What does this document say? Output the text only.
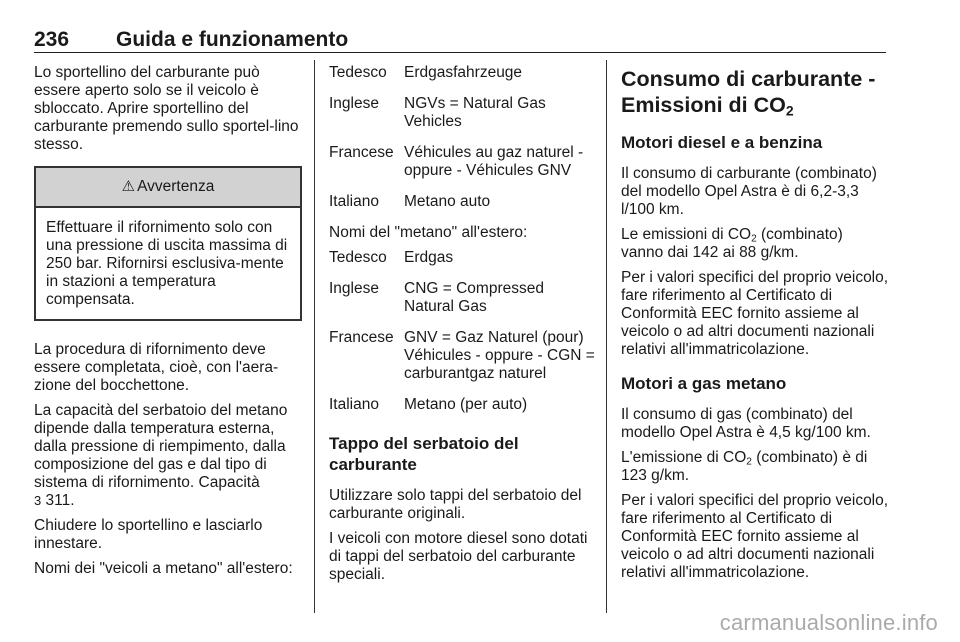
236 Guida e funzionamento

Lo sportellino del carburante può essere aperto solo se il veicolo è sbloccato. Aprire sportellino del carburante premendo sullo sportel-lino stesso.

⚠ Avvertenza
Effettuare il rifornimento solo con una pressione di uscita massima di 250 bar. Rifornirsi esclusiva-mente in stazioni a temperatura compensata.

La procedura di rifornimento deve essere completata, cioè, con l'aera-zione del bocchettone.

La capacità del serbatoio del metano dipende dalla temperatura esterna, dalla pressione di riempimento, dalla composizione del gas e dal tipo di sistema di rifornimento. Capacità
3 311.

Chiudere lo sportellino e lasciarlo innestare.

Nomi dei "veicoli a metano" all'estero:

Tedesco	Erdgasfahrzeuge
Inglese	NGVs = Natural Gas Vehicles
Francese	Véhicules au gaz naturel - oppure - Véhicules GNV
Italiano	Metano auto

Nomi del "metano" all'estero:

Tedesco	Erdgas
Inglese	CNG = Compressed Natural Gas
Francese	GNV = Gaz Naturel (pour) Véhicules - oppure - CGN = carburantgaz naturel
Italiano	Metano (per auto)
Tappo del serbatoio del carburante

Utilizzare solo tappi del serbatoio del carburante originali.

I veicoli con motore diesel sono dotati di tappi del serbatoio del carburante speciali.

Consumo di carburante - Emissioni di $CO_2$
Motori diesel e a benzina

Il consumo di carburante (combinato) del modello Opel Astra è di 6,2-3,3 l/100 km.

Le emissioni di $CO_2$ (combinato) vanno dai 142 ai 88 g/km.

Per i valori specifici del proprio veicolo, fare riferimento al Certificato di Conformità EEC fornito assieme al veicolo o ad altri documenti nazionali relativi all'immatricolazione.

Motori a gas metano

Il consumo di gas (combinato) del modello Opel Astra è 4,5 kg/100 km.

L'emissione di $CO_2$ (combinato) è di 123 g/km.

Per i valori specifici del proprio veicolo, fare riferimento al Certificato di Conformità EEC fornito assieme al veicolo o ad altri documenti nazionali relativi all'immatricolazione.

carmanualsonline.info
